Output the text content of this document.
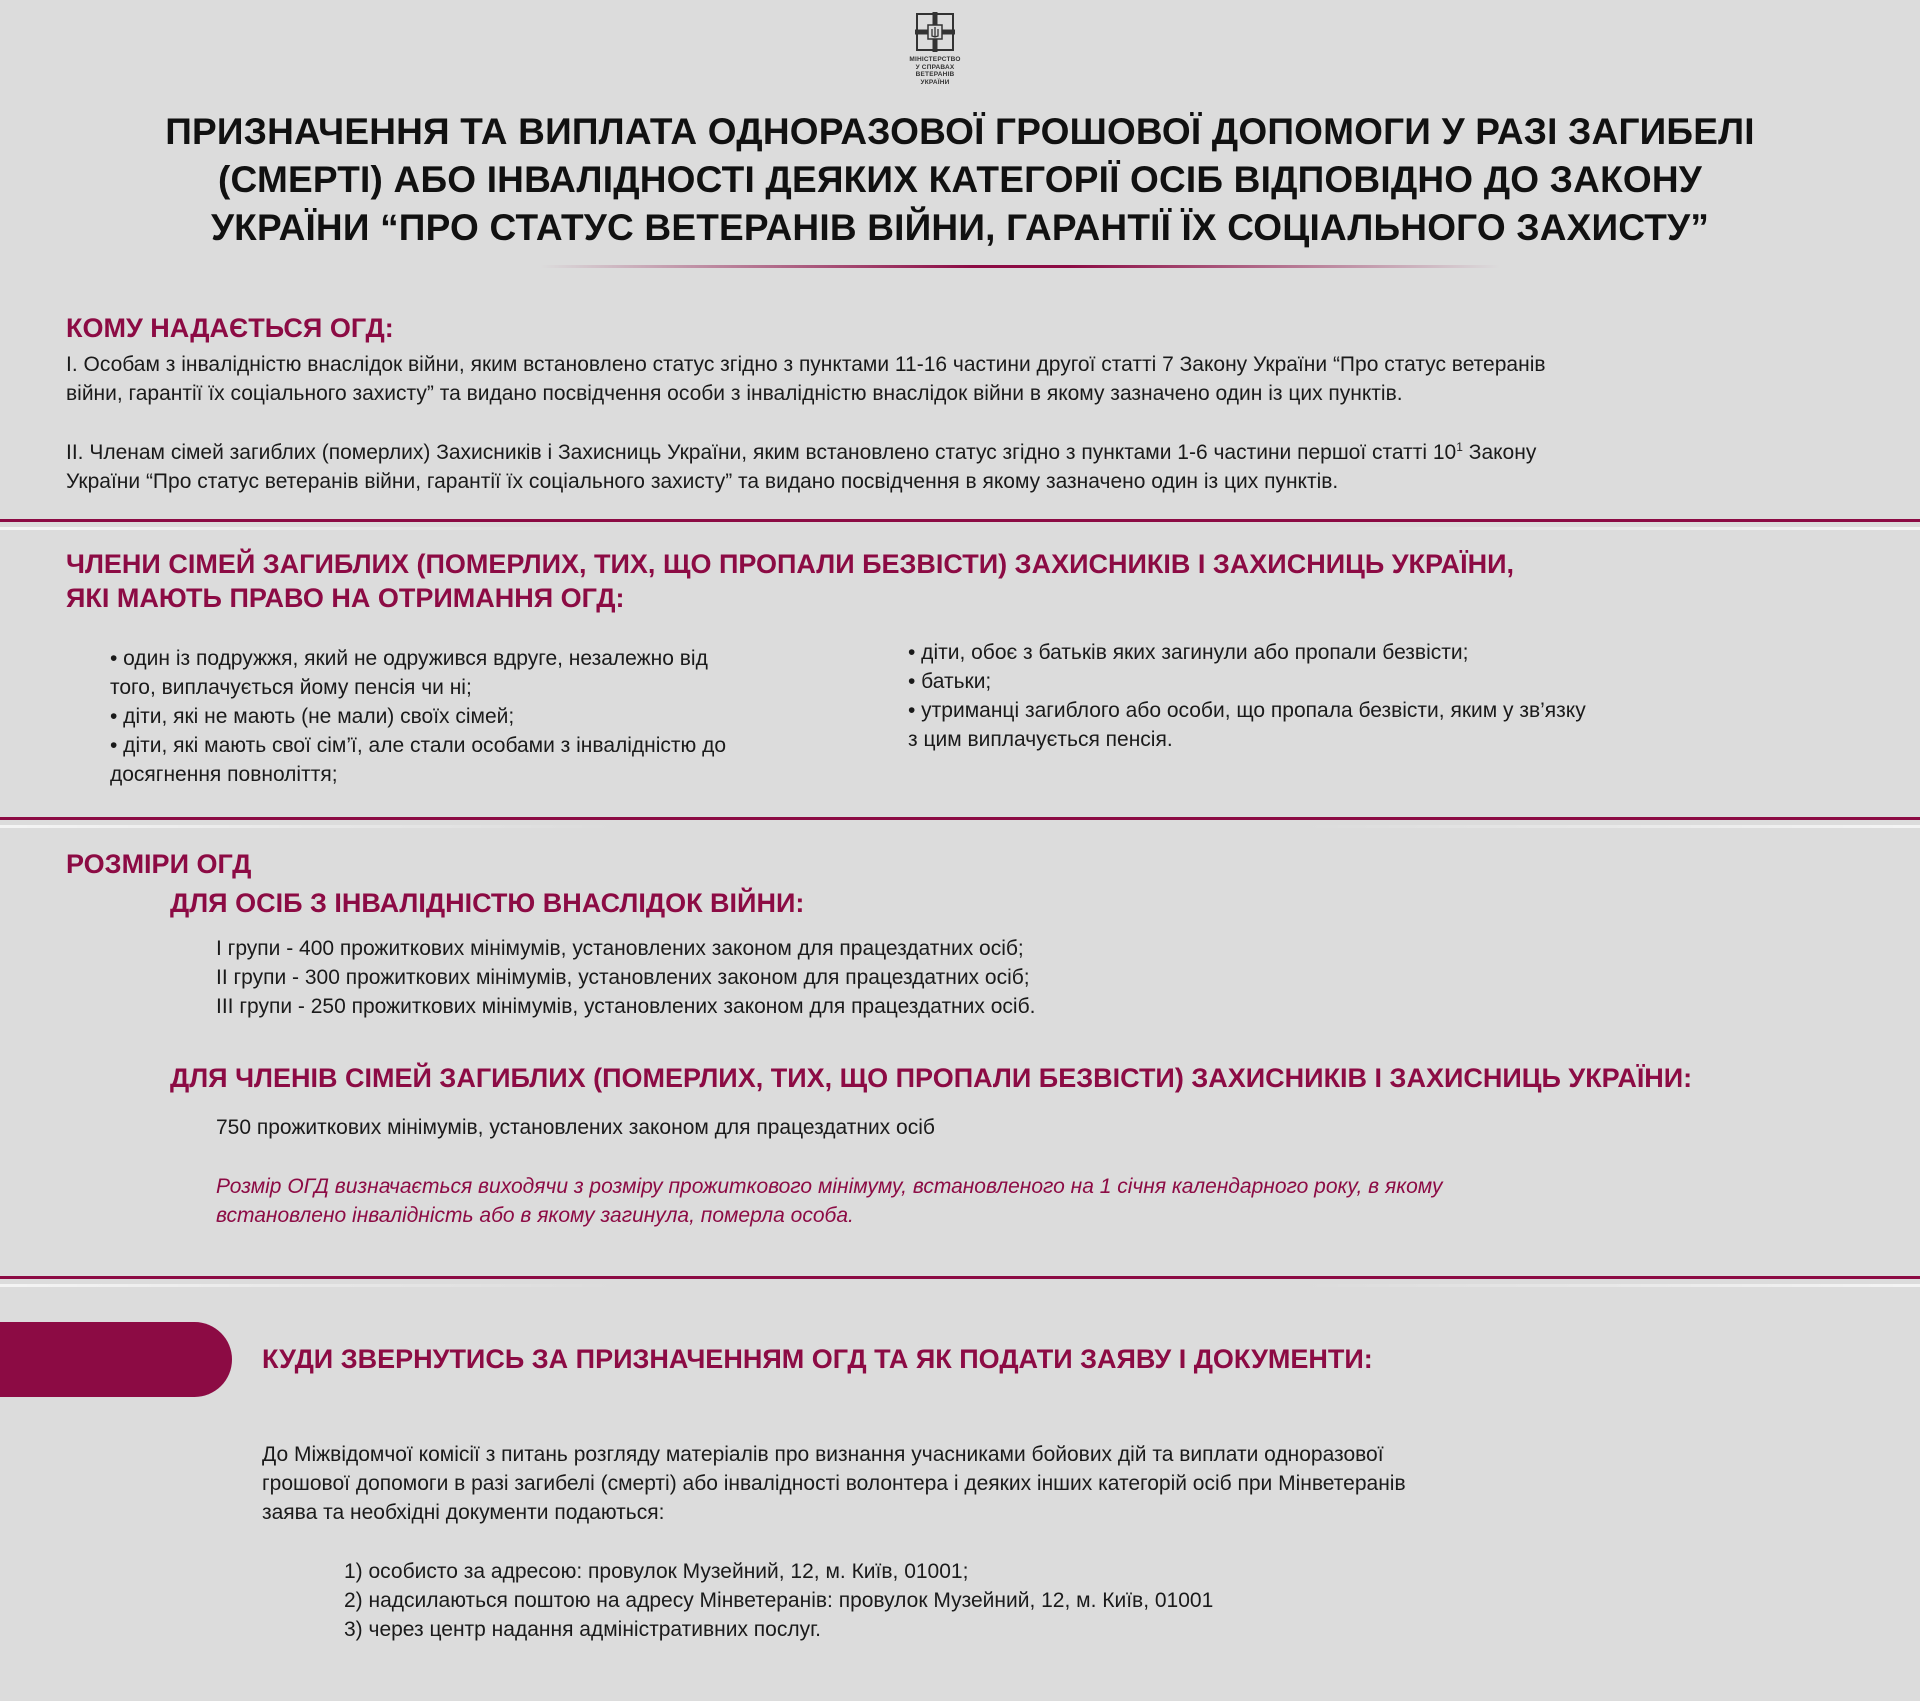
МІНІСТЕРСТВО
У СПРАВАХ
ВЕТЕРАНІВ
УКРАЇНИ
ПРИЗНАЧЕННЯ ТА ВИПЛАТА ОДНОРАЗОВОЇ ГРОШОВОЇ ДОПОМОГИ У РАЗІ ЗАГИБЕЛІ
(СМЕРТІ) АБО ІНВАЛІДНОСТІ ДЕЯКИХ КАТЕГОРІЇ ОСІБ ВІДПОВІДНО ДО ЗАКОНУ
УКРАЇНИ “ПРО СТАТУС ВЕТЕРАНІВ ВІЙНИ, ГАРАНТІЇ ЇХ СОЦІАЛЬНОГО ЗАХИСТУ”
КОМУ НАДАЄТЬСЯ ОГД:
I. Особам з інвалідністю внаслідок війни, яким встановлено статус згідно з пунктами 11-16 частини другої статті 7 Закону України “Про статус ветеранів
війни, гарантії їх соціального захисту” та видано посвідчення особи з інвалідністю внаслідок війни в якому зазначено один із цих пунктів.
II. Членам сімей загиблих (померлих) Захисників і Захисниць України, яким встановлено статус згідно з пунктами 1-6 частини першої статті $10^1$ Закону
України “Про статус ветеранів війни, гарантії їх соціального захисту” та видано посвідчення в якому зазначено один із цих пунктів.
ЧЛЕНИ СІМЕЙ ЗАГИБЛИХ (ПОМЕРЛИХ, ТИХ, ЩО ПРОПАЛИ БЕЗВІСТИ) ЗАХИСНИКІВ І ЗАХИСНИЦЬ УКРАЇНИ,
ЯКІ МАЮТЬ ПРАВО НА ОТРИМАННЯ ОГД:
• один із подружжя, який не одружився вдруге, незалежно від
того, виплачується йому пенсія чи ні;
• діти, які не мають (не мали) своїх сімей;
• діти, які мають свої сім’ї, але стали особами з інвалідністю до
досягнення повноліття;
• діти, обоє з батьків яких загинули або пропали безвісти;
• батьки;
• утриманці загиблого або особи, що пропала безвісти, яким у зв’язку
з цим виплачується пенсія.
РОЗМІРИ ОГД
ДЛЯ ОСІБ З ІНВАЛІДНІСТЮ ВНАСЛІДОК ВІЙНИ:
I групи - 400 прожиткових мінімумів, установлених законом для працездатних осіб;
II групи - 300 прожиткових мінімумів, установлених законом для працездатних осіб;
III групи - 250 прожиткових мінімумів, установлених законом для працездатних осіб.
ДЛЯ ЧЛЕНІВ СІМЕЙ ЗАГИБЛИХ (ПОМЕРЛИХ, ТИХ, ЩО ПРОПАЛИ БЕЗВІСТИ) ЗАХИСНИКІВ І ЗАХИСНИЦЬ УКРАЇНИ:
750 прожиткових мінімумів, установлених законом для працездатних осіб
Розмір ОГД визначається виходячи з розміру прожиткового мінімуму, встановленого на 1 січня календарного року, в якому
встановлено інвалідність або в якому загинула, померла особа.
КУДИ ЗВЕРНУТИСЬ ЗА ПРИЗНАЧЕННЯМ ОГД ТА ЯК ПОДАТИ ЗАЯВУ І ДОКУМЕНТИ:
До Міжвідомчої комісії з питань розгляду матеріалів про визнання учасниками бойових дій та виплати одноразової
грошової допомоги в разі загибелі (смерті) або інвалідності волонтера і деяких інших категорій осіб при Мінветеранів
заява та необхідні документи подаються:
1) особисто за адресою: провулок Музейний, 12, м. Київ, 01001;
2) надсилаються поштою на адресу Мінветеранів: провулок Музейний, 12, м. Київ, 01001
3) через центр надання адміністративних послуг.
